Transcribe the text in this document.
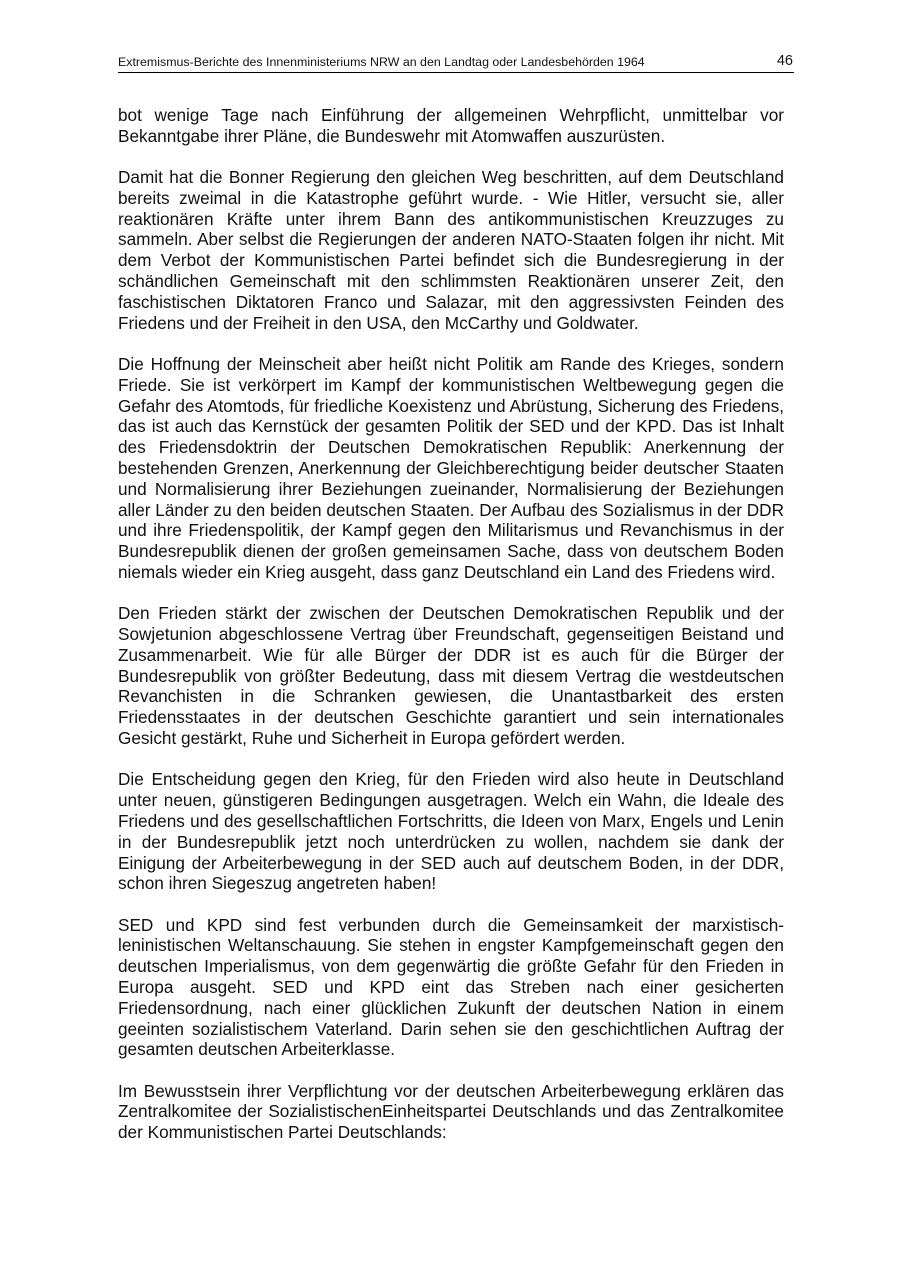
Extremismus-Berichte des Innenministeriums NRW an den Landtag oder Landesbehörden 1964	46

bot wenige Tage nach Einführung der allgemeinen Wehrpflicht, unmittelbar vor Bekanntgabe ihrer Pläne, die Bundeswehr mit Atomwaffen auszurüsten.

Damit hat die Bonner Regierung den gleichen Weg beschritten, auf dem Deutschland bereits zweimal in die Katastrophe geführt wurde. - Wie Hitler, versucht sie, aller reaktionären Kräfte unter ihrem Bann des antikommunistischen Kreuzzuges zu sammeln. Aber selbst die Regierungen der anderen NATO-Staaten folgen ihr nicht. Mit dem Verbot der Kommunistischen Partei befindet sich die Bundesregierung in der schändlichen Gemeinschaft mit den schlimmsten Reaktionären unserer Zeit, den faschistischen Diktatoren Franco und Salazar, mit den aggressivsten Feinden des Friedens und der Freiheit in den USA, den McCarthy und Goldwater.

Die Hoffnung der Meinscheit aber heißt nicht Politik am Rande des Krieges, sondern Friede. Sie ist verkörpert im Kampf der kommunistischen Weltbewegung gegen die Gefahr des Atomtods, für friedliche Koexistenz und Abrüstung, Sicherung des Friedens, das ist auch das Kernstück der gesamten Politik der SED und der KPD. Das ist Inhalt des Friedensdoktrin der Deutschen Demokratischen Republik: Anerkennung der bestehenden Grenzen, Anerkennung der Gleichberechtigung beider deutscher Staaten und Normalisierung ihrer Beziehungen zueinander, Normalisierung der Beziehungen aller Länder zu den beiden deutschen Staaten. Der Aufbau des Sozialismus in der DDR und ihre Friedenspolitik, der Kampf gegen den Militarismus und Revanchismus in der Bundesrepublik dienen der großen gemeinsamen Sache, dass von deutschem Boden niemals wieder ein Krieg ausgeht, dass ganz Deutschland ein Land des Friedens wird.

Den Frieden stärkt der zwischen der Deutschen Demokratischen Republik und der Sowjetunion abgeschlossene Vertrag über Freundschaft, gegenseitigen Beistand und Zusammenarbeit. Wie für alle Bürger der DDR ist es auch für die Bürger der Bundesrepublik von größter Bedeutung, dass mit diesem Vertrag die westdeutschen Revanchisten in die Schranken gewiesen, die Unantastbarkeit des ersten Friedensstaates in der deutschen Geschichte garantiert und sein internationales Gesicht gestärkt, Ruhe und Sicherheit in Europa gefördert werden.

Die Entscheidung gegen den Krieg, für den Frieden wird also heute in Deutschland unter neuen, günstigeren Bedingungen ausgetragen. Welch ein Wahn, die Ideale des Friedens und des gesellschaftlichen Fortschritts, die Ideen von Marx, Engels und Lenin in der Bundesrepublik jetzt noch unterdrücken zu wollen, nachdem sie dank der Einigung der Arbeiterbewegung in der SED auch auf deutschem Boden, in der DDR, schon ihren Siegeszug angetreten haben!

SED und KPD sind fest verbunden durch die Gemeinsamkeit der marxistisch-leninistischen Weltanschauung. Sie stehen in engster Kampfgemeinschaft gegen den deutschen Imperialismus, von dem gegenwärtig die größte Gefahr für den Frieden in Europa ausgeht. SED und KPD eint das Streben nach einer gesicherten Friedensordnung, nach einer glücklichen Zukunft der deutschen Nation in einem geeinten sozialistischem Vaterland. Darin sehen sie den geschichtlichen Auftrag der gesamten deutschen Arbeiterklasse.

Im Bewusstsein ihrer Verpflichtung vor der deutschen Arbeiterbewegung erklären das Zentralkomitee der SozialistischenEinheitspartei Deutschlands und das Zentralkomitee der Kommunistischen Partei Deutschlands:
